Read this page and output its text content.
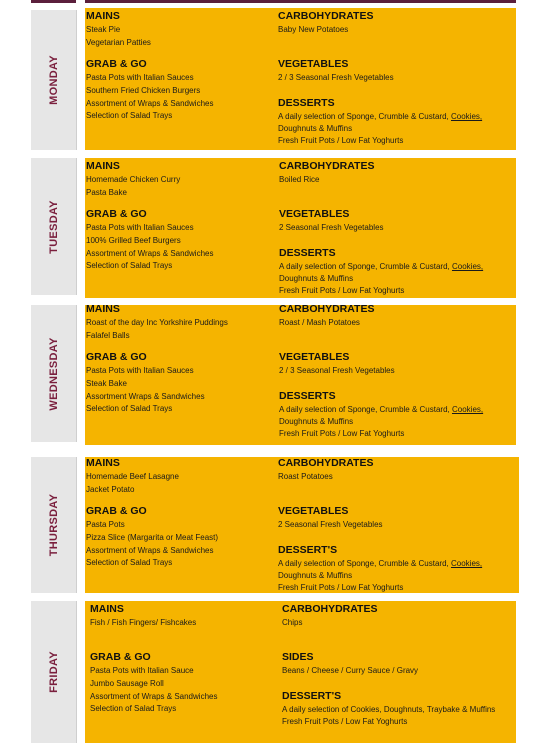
MONDAY
MAINS
Steak Pie
Vegetarian Patties
GRAB & GO
Pasta Pots with Italian Sauces
Southern Fried Chicken Burgers
Assortment of Wraps & Sandwiches
Selection of Salad Trays
CARBOHYDRATES
Baby New Potatoes
VEGETABLES
2 / 3 Seasonal Fresh Vegetables
DESSERTS
A daily selection of Sponge, Crumble & Custard, Cookies,
Doughnuts & Muffins
Fresh Fruit Pots / Low Fat Yoghurts
TUESDAY
MAINS
Homemade Chicken Curry
Pasta Bake
GRAB & GO
Pasta Pots with Italian Sauces
100% Grilled Beef Burgers
Assortment of Wraps & Sandwiches
Selection of Salad Trays
CARBOHYDRATES
Boiled Rice
VEGETABLES
2 Seasonal Fresh Vegetables
DESSERTS
A daily selection of Sponge, Crumble & Custard, Cookies,
Doughnuts & Muffins
Fresh Fruit Pots / Low Fat Yoghurts
WEDNESDAY
MAINS
Roast of the day Inc Yorkshire Puddings
Falafel Balls
GRAB & GO
Pasta Pots with Italian Sauces
Steak Bake
Assortment Wraps & Sandwiches
Selection of Salad Trays
CARBOHYDRATES
Roast / Mash Potatoes
VEGETABLES
2 / 3 Seasonal Fresh Vegetables
DESSERTS
A daily selection of Sponge, Crumble & Custard, Cookies,
Doughnuts & Muffins
Fresh Fruit Pots / Low Fat Yoghurts
THURSDAY
MAINS
Homemade Beef Lasagne
Jacket Potato
GRAB & GO
Pasta Pots
Pizza Slice (Margarita or Meat Feast)
Assortment of Wraps & Sandwiches
Selection of Salad Trays
CARBOHYDRATES
Roast Potatoes
VEGETABLES
2 Seasonal Fresh Vegetables
DESSERT'S
A daily selection of Sponge, Crumble & Custard, Cookies,
Doughnuts & Muffins
Fresh Fruit Pots / Low Fat Yoghurts
FRIDAY
MAINS
Fish / Fish Fingers/ Fishcakes
GRAB & GO
Pasta Pots with Italian Sauce
Jumbo Sausage Roll
Assortment of Wraps & Sandwiches
Selection of Salad Trays
CARBOHYDRATES
Chips
SIDES
Beans / Cheese / Curry Sauce / Gravy
DESSERT'S
A daily selection of Cookies, Doughnuts, Traybake & Muffins
Fresh Fruit Pots / Low Fat Yoghurts
